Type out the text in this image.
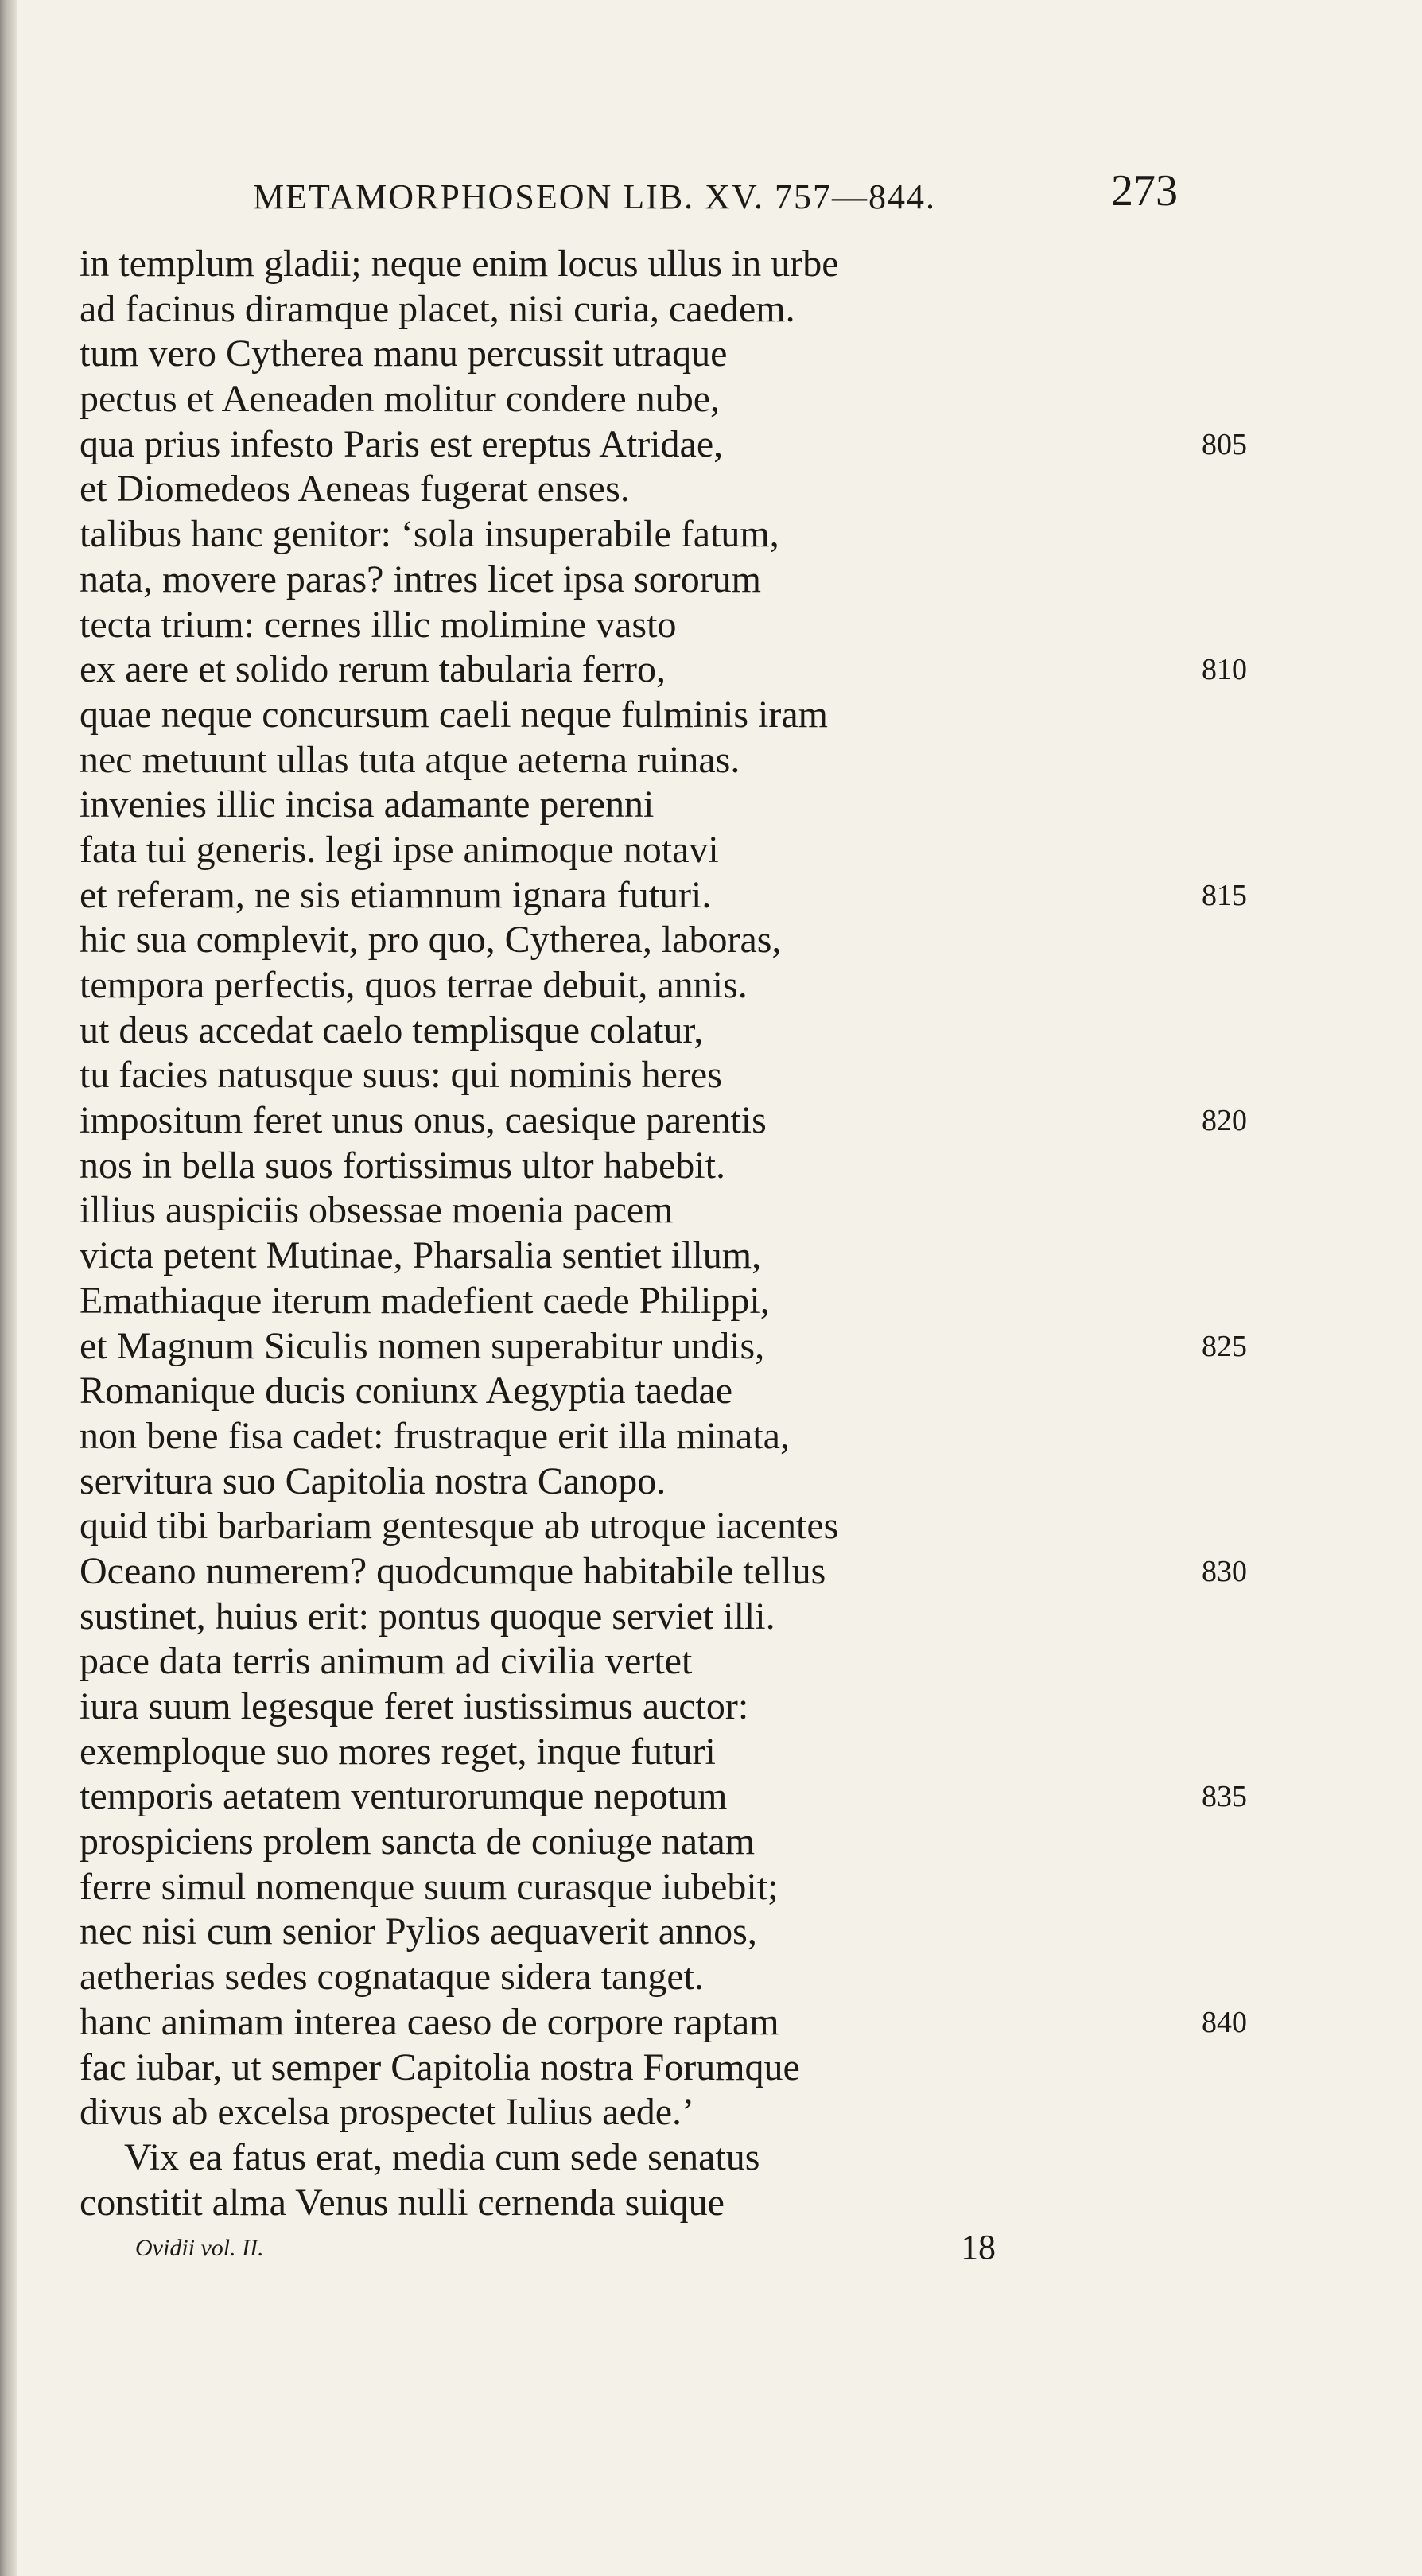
METAMORPHOSEON LIB. XV. 757—844.	273
in templum gladii; neque enim locus ullus in urbe
ad facinus diramque placet, nisi curia, caedem.
tum vero Cytherea manu percussit utraque
pectus et Aeneaden molitur condere nube,
qua prius infesto Paris est ereptus Atridae,	805
et Diomedeos Aeneas fugerat enses.
talibus hanc genitor: ‘sola insuperabile fatum,
nata, movere paras? intres licet ipsa sororum
tecta trium: cernes illic molimine vasto
ex aere et solido rerum tabularia ferro,	810
quae neque concursum caeli neque fulminis iram
nec metuunt ullas tuta atque aeterna ruinas.
invenies illic incisa adamante perenni
fata tui generis. legi ipse animoque notavi
et referam, ne sis etiamnum ignara futuri.	815
hic sua complevit, pro quo, Cytherea, laboras,
tempora perfectis, quos terrae debuit, annis.
ut deus accedat caelo templisque colatur,
tu facies natusque suus: qui nominis heres
impositum feret unus onus, caesique parentis	820
nos in bella suos fortissimus ultor habebit.
illius auspiciis obsessae moenia pacem
victa petent Mutinae, Pharsalia sentiet illum,
Emathiaque iterum madefient caede Philippi,
et Magnum Siculis nomen superabitur undis,	825
Romanique ducis coniunx Aegyptia taedae
non bene fisa cadet: frustraque erit illa minata,
servitura suo Capitolia nostra Canopo.
quid tibi barbariam gentesque ab utroque iacentes
Oceano numerem? quodcumque habitabile tellus	830
sustinet, huius erit: pontus quoque serviet illi.
pace data terris animum ad civilia vertet
iura suum legesque feret iustissimus auctor:
exemploque suo mores reget, inque futuri
temporis aetatem venturorumque nepotum	835
prospiciens prolem sancta de coniuge natam
ferre simul nomenque suum curasque iubebit;
nec nisi cum senior Pylios aequaverit annos,
aetherias sedes cognataque sidera tanget.
hanc animam interea caeso de corpore raptam	840
fac iubar, ut semper Capitolia nostra Forumque
divus ab excelsa prospectet Iulius aede.’
Vix ea fatus erat, media cum sede senatus
constitit alma Venus nulli cernenda suique
Ovidii vol. II.	18
